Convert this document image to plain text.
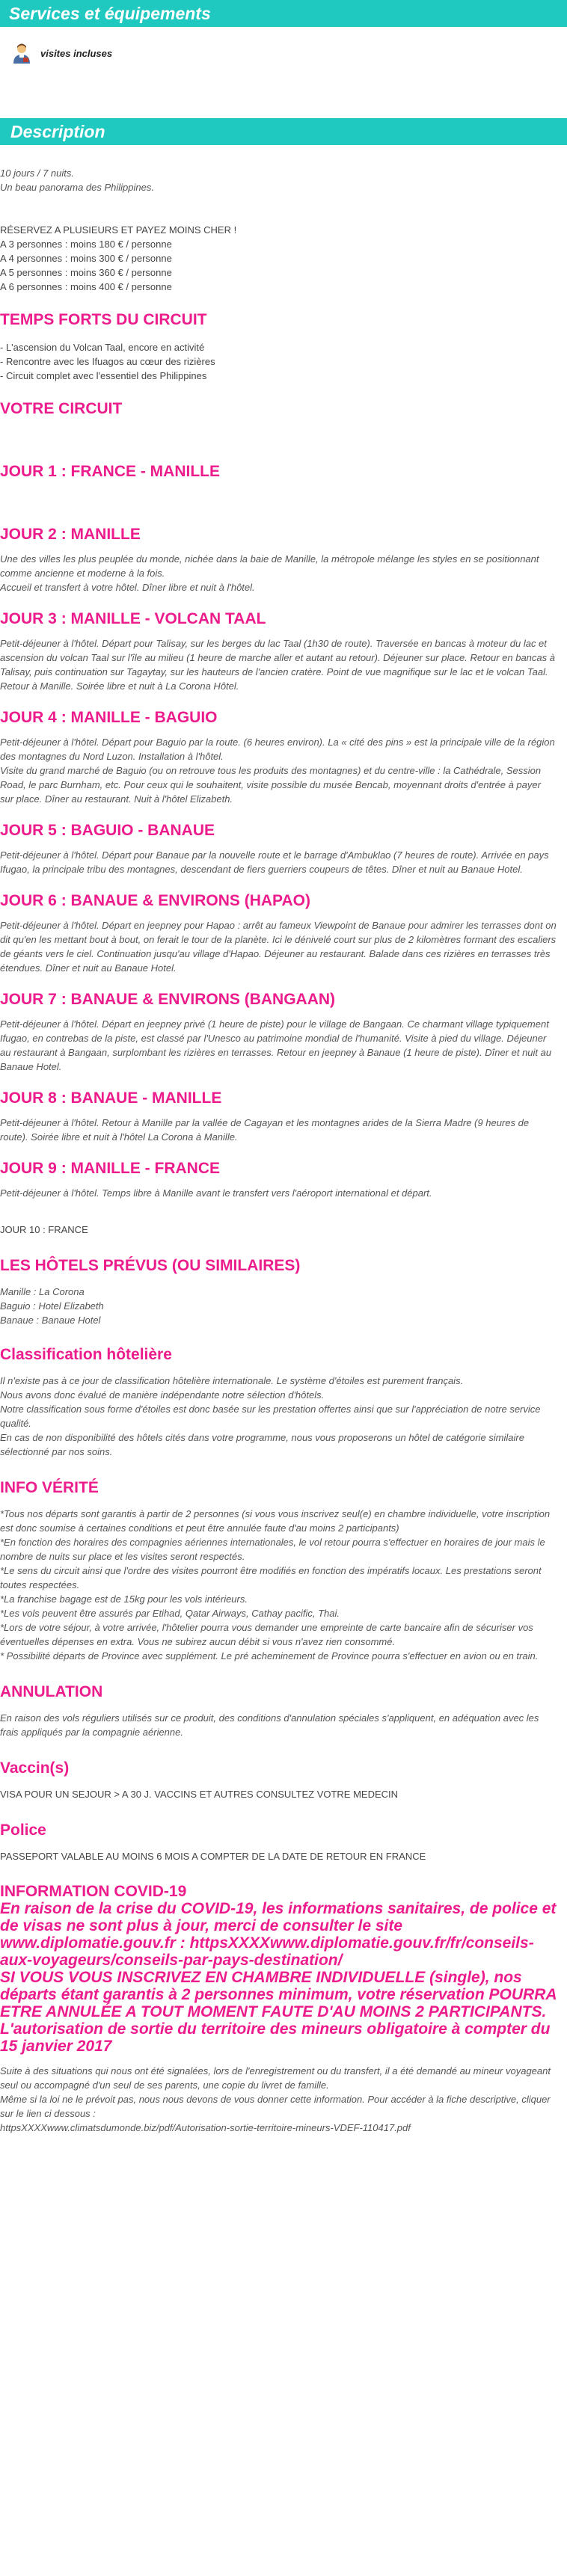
Services et équipements
visites incluses
Description

10 jours / 7 nuits.
Un beau panorama des Philippines.

RÉSERVEZ A PLUSIEURS ET PAYEZ MOINS CHER !
A 3 personnes : moins 180 € / personne
A 4 personnes : moins 300 € / personne
A 5 personnes : moins 360 € / personne
A 6 personnes : moins 400 € / personne

TEMPS FORTS DU CIRCUIT

- L'ascension du Volcan Taal, encore en activité
- Rencontre avec les Ifuagos au cœur des rizières
- Circuit complet avec l'essentiel des Philippines

VOTRE CIRCUIT
JOUR 1 : FRANCE - MANILLE
JOUR 2 : MANILLE

Une des villes les plus peuplée du monde, nichée dans la baie de Manille, la métropole mélange les styles en se positionnant comme ancienne et moderne à la fois.
Accueil et transfert à votre hôtel. Dîner libre et nuit à l'hôtel.

JOUR 3 : MANILLE - VOLCAN TAAL

Petit-déjeuner à l'hôtel. Départ pour Talisay, sur les berges du lac Taal (1h30 de route). Traversée en bancas à moteur du lac et ascension du volcan Taal sur l'île au milieu (1 heure de marche aller et autant au retour). Déjeuner sur place. Retour en bancas à Talisay, puis continuation sur Tagaytay, sur les hauteurs de l'ancien cratère. Point de vue magnifique sur le lac et le volcan Taal. Retour à Manille. Soirée libre et nuit à La Corona Hôtel.

JOUR 4 : MANILLE - BAGUIO

Petit-déjeuner à l'hôtel. Départ pour Baguio par la route. (6 heures environ). La « cité des pins » est la principale ville de la région des montagnes du Nord Luzon. Installation à l'hôtel.
Visite du grand marché de Baguio (ou on retrouve tous les produits des montagnes) et du centre-ville : la Cathédrale, Session Road, le parc Burnham, etc. Pour ceux qui le souhaitent, visite possible du musée Bencab, moyennant droits d'entrée à payer sur place. Dîner au restaurant. Nuit à l'hôtel Elizabeth.

JOUR 5 : BAGUIO - BANAUE

Petit-déjeuner à l'hôtel. Départ pour Banaue par la nouvelle route et le barrage d'Ambuklao (7 heures de route). Arrivée en pays Ifugao, la principale tribu des montagnes, descendant de fiers guerriers coupeurs de têtes. Dîner et nuit au Banaue Hotel.

JOUR 6 : BANAUE & ENVIRONS (HAPAO)

Petit-déjeuner à l'hôtel. Départ en jeepney pour Hapao : arrêt au fameux Viewpoint de Banaue pour admirer les terrasses dont on dit qu'en les mettant bout à bout, on ferait le tour de la planète. Ici le dénivelé court sur plus de 2 kilomètres formant des escaliers de géants vers le ciel. Continuation jusqu'au village d'Hapao. Déjeuner au restaurant. Balade dans ces rizières en terrasses très étendues. Dîner et nuit au Banaue Hotel.

JOUR 7 : BANAUE & ENVIRONS (BANGAAN)

Petit-déjeuner à l'hôtel. Départ en jeepney privé (1 heure de piste) pour le village de Bangaan. Ce charmant village typiquement Ifugao, en contrebas de la piste, est classé par l'Unesco au patrimoine mondial de l'humanité. Visite à pied du village. Déjeuner au restaurant à Bangaan, surplombant les rizières en terrasses. Retour en jeepney à Banaue (1 heure de piste). Dîner et nuit au Banaue Hotel.

JOUR 8 : BANAUE - MANILLE

Petit-déjeuner à l'hôtel. Retour à Manille par la vallée de Cagayan et les montagnes arides de la Sierra Madre (9 heures de route). Soirée libre et nuit à l'hôtel La Corona à Manille.

JOUR 9 : MANILLE - FRANCE

Petit-déjeuner à l'hôtel. Temps libre à Manille avant le transfert vers l'aéroport international et départ.

JOUR 10 : FRANCE

LES HÔTELS PRÉVUS (OU SIMILAIRES)

Manille : La Corona
Baguio : Hotel Elizabeth
Banaue : Banaue Hotel

Classification hôtelière

Il n'existe pas à ce jour de classification hôtelière internationale. Le système d'étoiles est purement français.
Nous avons donc évalué de manière indépendante notre sélection d'hôtels.
Notre classification sous forme d'étoiles est donc basée sur les prestation offertes ainsi que sur l'appréciation de notre service qualité.
En cas de non disponibilité des hôtels cités dans votre programme, nous vous proposerons un hôtel de catégorie similaire sélectionné par nos soins.

INFO VÉRITÉ

*Tous nos départs sont garantis à partir de 2 personnes (si vous vous inscrivez seul(e) en chambre individuelle, votre inscription est donc soumise à certaines conditions et peut être annulée faute d'au moins 2 participants)
*En fonction des horaires des compagnies aériennes internationales, le vol retour pourra s'effectuer en horaires de jour mais le nombre de nuits sur place et les visites seront respectés.
*Le sens du circuit ainsi que l'ordre des visites pourront être modifiés en fonction des impératifs locaux. Les prestations seront toutes respectées.
*La franchise bagage est de 15kg pour les vols intérieurs.
*Les vols peuvent être assurés par Etihad, Qatar Airways, Cathay pacific, Thai.
*Lors de votre séjour, à votre arrivée, l'hôtelier pourra vous demander une empreinte de carte bancaire afin de sécuriser vos éventuelles dépenses en extra. Vous ne subirez aucun débit si vous n'avez rien consommé.
* Possibilité départs de Province avec supplément. Le pré acheminement de Province pourra s'effectuer en avion ou en train.

ANNULATION

En raison des vols réguliers utilisés sur ce produit, des conditions d'annulation spéciales s'appliquent, en adéquation avec les frais appliqués par la compagnie aérienne.

Vaccin(s)

VISA POUR UN SEJOUR > A 30 J. VACCINS ET AUTRES CONSULTEZ VOTRE MEDECIN

Police

PASSEPORT VALABLE AU MOINS 6 MOIS A COMPTER DE LA DATE DE RETOUR EN FRANCE

INFORMATION COVID-19
En raison de la crise du COVID-19, les informations sanitaires, de police et de visas ne sont plus à jour, merci de consulter le site www.diplomatie.gouv.fr : httpsXXXXwww.diplomatie.gouv.fr/fr/conseils-aux-voyageurs/conseils-par-pays-destination/
SI VOUS VOUS INSCRIVEZ EN CHAMBRE INDIVIDUELLE (single), nos départs étant garantis à 2 personnes minimum, votre réservation POURRA ETRE ANNULÉE A TOUT MOMENT FAUTE D'AU MOINS 2 PARTICIPANTS.
L'autorisation de sortie du territoire des mineurs obligatoire à compter du 15 janvier 2017

Suite à des situations qui nous ont été signalées, lors de l'enregistrement ou du transfert, il a été demandé au mineur voyageant seul ou accompagné d'un seul de ses parents, une copie du livret de famille.
Même si la loi ne le prévoit pas, nous nous devons de vous donner cette information. Pour accéder à la fiche descriptive, cliquer sur le lien ci dessous :
httpsXXXXwww.climatsdumonde.biz/pdf/Autorisation-sortie-territoire-mineurs-VDEF-110417.pdf
